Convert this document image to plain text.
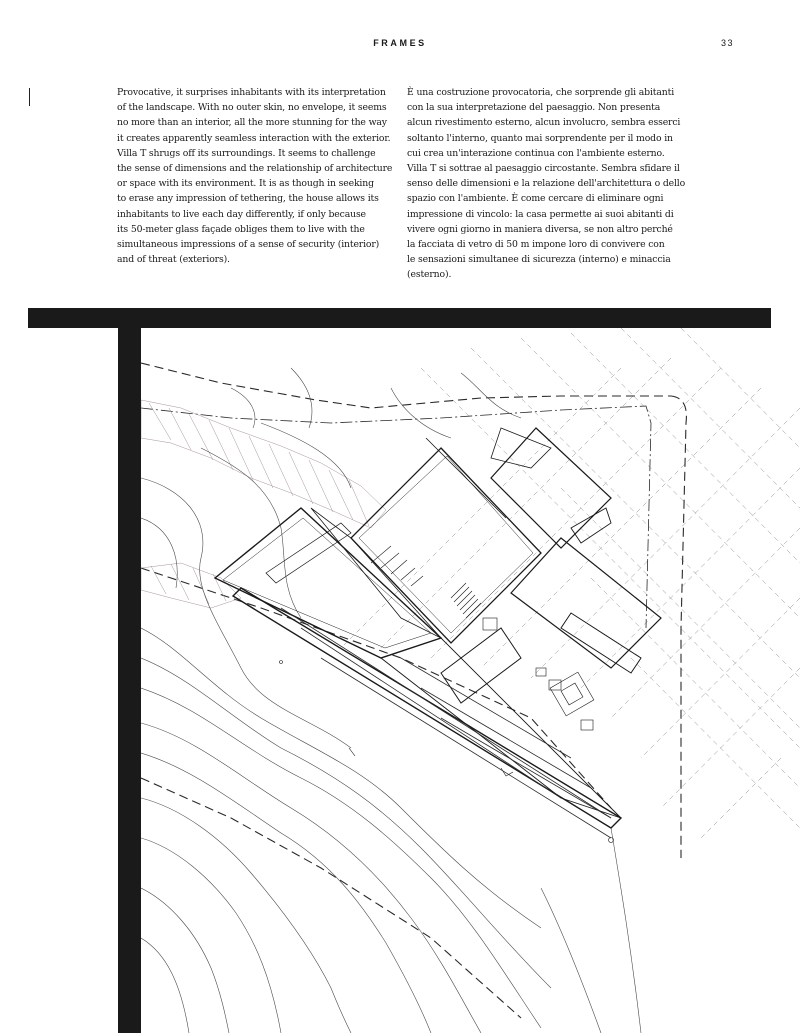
FRAMES	33
Provocative, it surprises inhabitants with its interpretation
of the landscape. With no outer skin, no envelope, it seems
no more than an interior, all the more stunning for the way
it creates apparently seamless interaction with the exterior.
Villa T shrugs off its surroundings. It seems to challenge
the sense of dimensions and the relationship of architecture
or space with its environment. It is as though in seeking
to erase any impression of tethering, the house allows its
inhabitants to live each day differently, if only because
its 50-meter glass façade obliges them to live with the
simultaneous impressions of a sense of security (interior)
and of threat (exteriors).
È una costruzione provocatoria, che sorprende gli abitanti
con la sua interpretazione del paesaggio. Non presenta
alcun rivestimento esterno, alcun involucro, sembra esserci
soltanto l'interno, quanto mai sorprendente per il modo in
cui crea un'interazione continua con l'ambiente esterno.
Villa T si sottrae al paesaggio circostante. Sembra sfidare il
senso delle dimensioni e la relazione dell'architettura o dello
spazio con l'ambiente. È come cercare di eliminare ogni
impressione di vincolo: la casa permette ai suoi abitanti di
vivere ogni giorno in maniera diversa, se non altro perché
la facciata di vetro di 50 m impone loro di convivere con
le sensazioni simultanee di sicurezza (interno) e minaccia
(esterno).
